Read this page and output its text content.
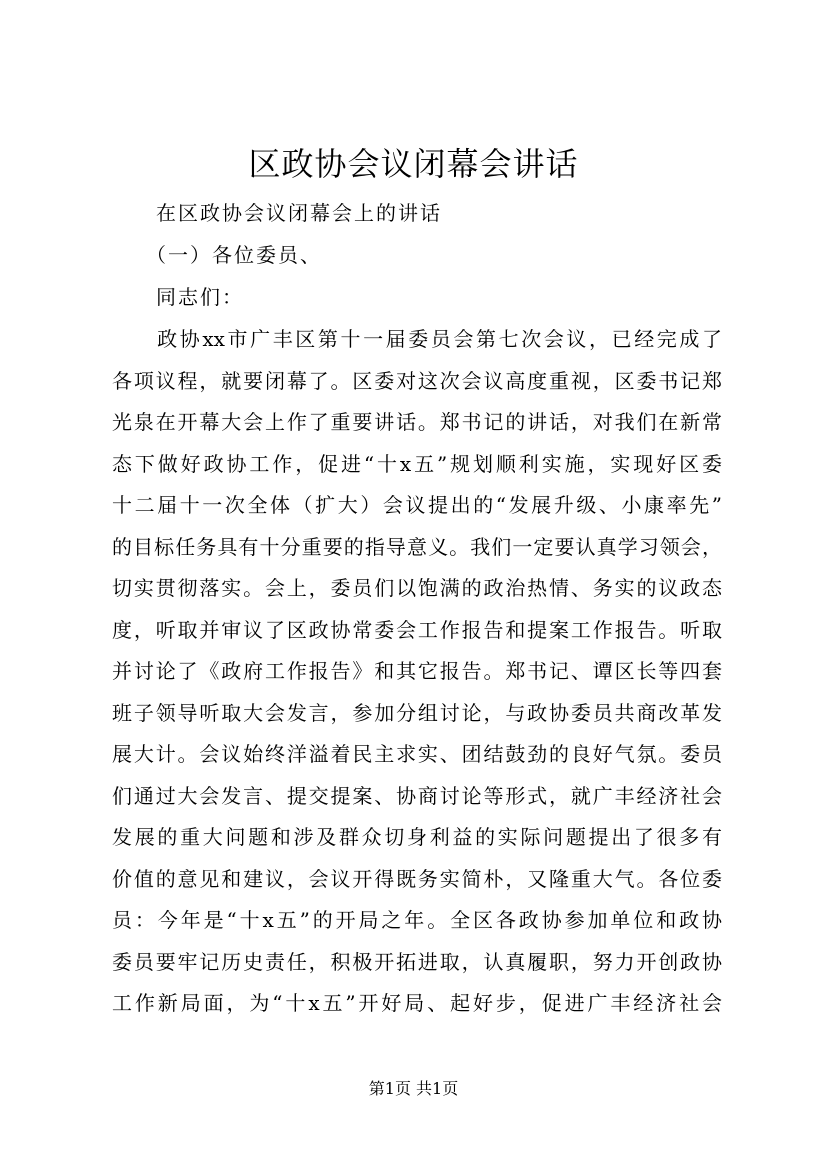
区政协会议闭幕会讲话

　　在区政协会议闭幕会上的讲话

　　（一）各位委员、

　　同志们：

　　政协xx市广丰区第十一届委员会第七次会议，已经完成了

各项议程，就要闭幕了。区委对这次会议高度重视，区委书记郑

光泉在开幕大会上作了重要讲话。郑书记的讲话，对我们在新常

态下做好政协工作，促进“十x五”规划顺利实施，实现好区委

十二届十一次全体（扩大）会议提出的“发展升级、小康率先”

的目标任务具有十分重要的指导意义。我们一定要认真学习领会，

切实贯彻落实。会上，委员们以饱满的政治热情、务实的议政态

度，听取并审议了区政协常委会工作报告和提案工作报告。听取

并讨论了《政府工作报告》和其它报告。郑书记、谭区长等四套

班子领导听取大会发言，参加分组讨论，与政协委员共商改革发

展大计。会议始终洋溢着民主求实、团结鼓劲的良好气氛。委员

们通过大会发言、提交提案、协商讨论等形式，就广丰经济社会

发展的重大问题和涉及群众切身利益的实际问题提出了很多有

价值的意见和建议，会议开得既务实简朴，又隆重大气。各位委

员：今年是“十x五”的开局之年。全区各政协参加单位和政协

委员要牢记历史责任，积极开拓进取，认真履职，努力开创政协

工作新局面，为“十x五”开好局、起好步，促进广丰经济社会

第1页 共1页
